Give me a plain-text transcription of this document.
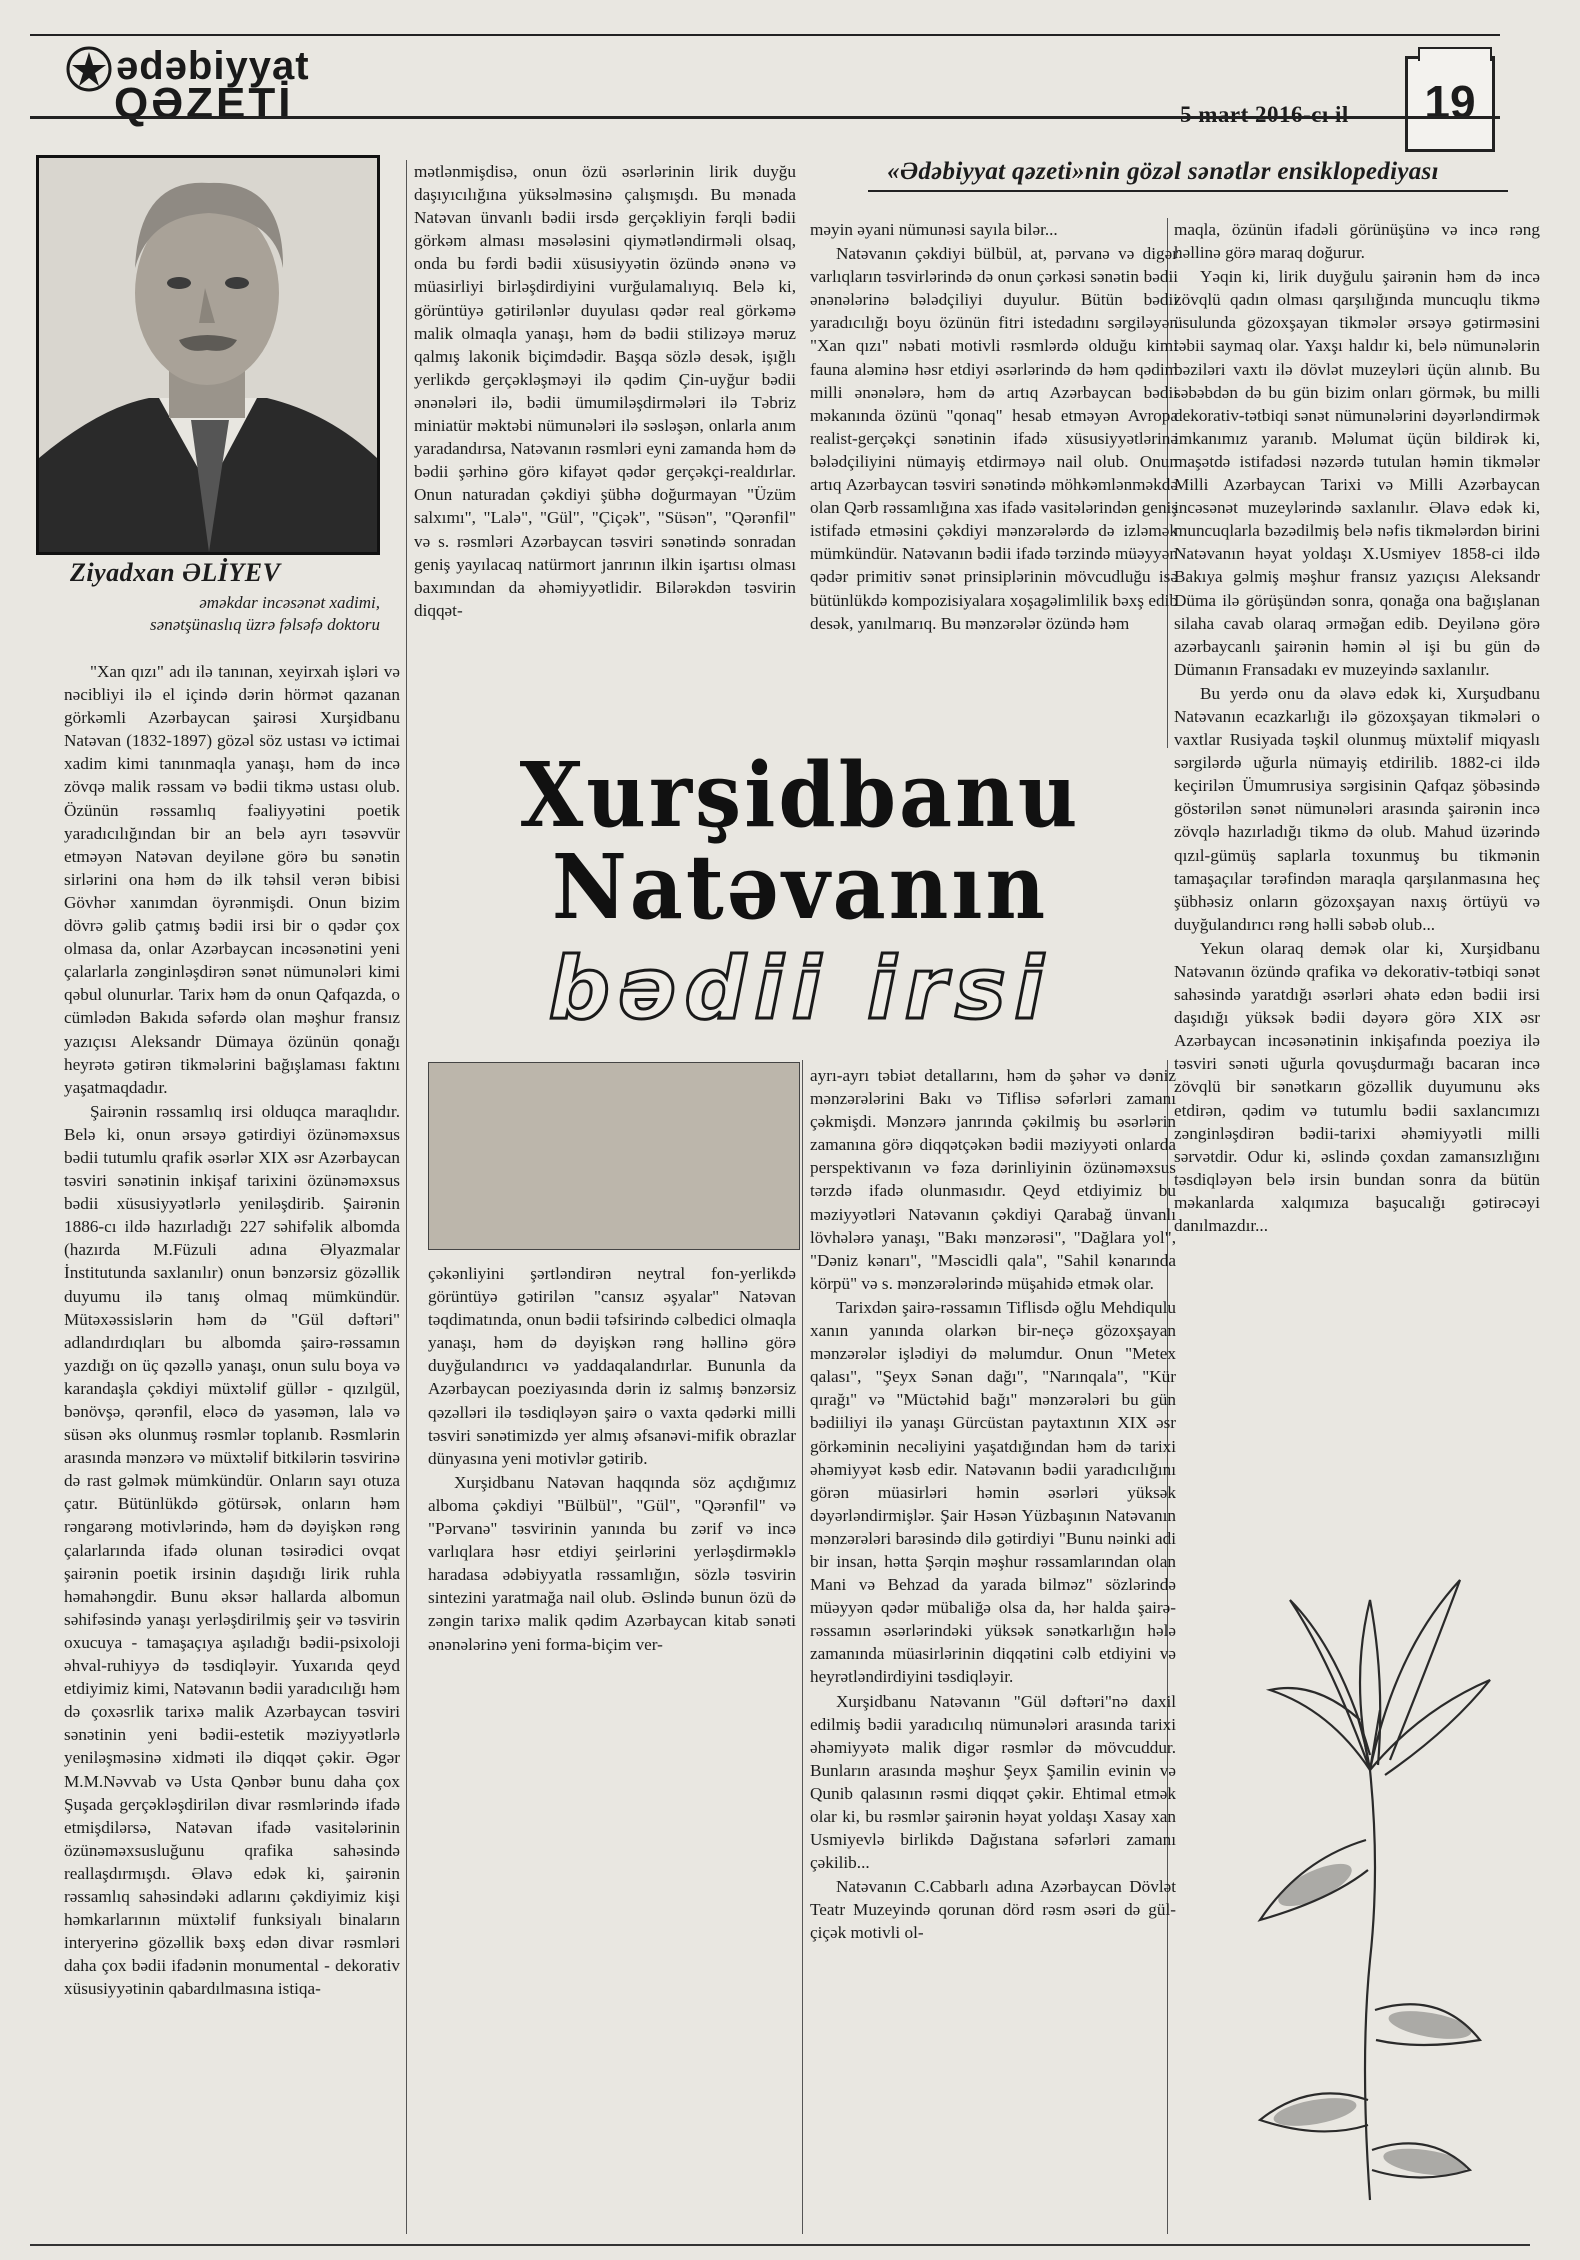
ədəbiyyat
QƏZETİ	5 mart 2016-cı il	19
Ziyadxan ƏLİYEV
əməkdar incəsənət xadimi,
sənətşünaslıq üzrə fəlsəfə doktoru
«Ədəbiyyat qəzeti»nin gözəl sənətlər ensiklopediyası

"Xan qızı" adı ilə tanınan, xeyirxah işləri və nəcibliyi ilə el içində dərin hörmət qazanan görkəmli Azərbaycan şairəsi Xurşidbanu Natəvan (1832-1897) gözəl söz ustası və ictimai xadim kimi tanınmaqla yanaşı, həm də incə zövqə malik rəssam və bədii tikmə ustası olub. Özünün rəssamlıq fəaliyyətini poetik yaradıcılığından bir an belə ayrı təsəvvür etməyən Natəvan deyiləne görə bu sənətin sirlərini ona həm də ilk təhsil verən bibisi Gövhər xanımdan öyrənmişdi. Onun bizim dövrə gəlib çatmış bədii irsi bir o qədər çox olmasa da, onlar Azərbaycan incəsənətini yeni çalarlarla zənginləşdirən sənət nümunələri kimi qəbul olunurlar. Tarix həm də onun Qafqazda, o cümlədən Bakıda səfərdə olan məşhur fransız yazıçısı Aleksandr Dümaya özünün qonağı heyrətə gətirən tikmələrini bağışlaması faktını yaşatmaqdadır.

Şairənin rəssamlıq irsi olduqca maraqlıdır. Belə ki, onun ərsəyə gətirdiyi özünəməxsus bədii tutumlu qrafik əsərlər XIX əsr Azərbaycan təsviri sənətinin inkişaf tarixini özünəməxsus bədii xüsusiyyətlərlə yeniləşdirib. Şairənin 1886-cı ildə hazırladığı 227 səhifəlik albomda (hazırda M.Füzuli adına Əlyazmalar İnstitutunda saxlanılır) onun bənzərsiz gözəllik duyumu ilə tanış olmaq mümkündür. Mütəxəssislərin həm də "Gül dəftəri" adlandırdıqları bu albomda şairə-rəssamın yazdığı on üç qəzəllə yanaşı, onun sulu boya və karandaşla çəkdiyi müxtəlif güllər - qızılgül, bənövşə, qərənfil, eləcə də yasəmən, lalə və süsən əks olunmuş rəsmlər toplanıb. Rəsmlərin arasında mənzərə və müxtəlif bitkilərin təsvirinə də rast gəlmək mümkündür. Onların sayı otuza çatır. Bütünlükdə götürsək, onların həm rəngarəng motivlərində, həm də dəyişkən rəng çalarlarında ifadə olunan təsirədici ovqat şairənin poetik irsinin daşıdığı lirik ruhla həmahəngdir. Bunu əksər hallarda albomun səhifəsində yanaşı yerləşdirilmiş şeir və təsvirin oxucuya - tamaşaçıya aşıladığı bədii-psixoloji əhval-ruhiyyə də təsdiqləyir. Yuxarıda qeyd etdiyimiz kimi, Natəvanın bədii yaradıcılığı həm də çoxəsrlik tarixə malik Azərbaycan təsviri sənətinin yeni bədii-estetik məziyyətlərlə yeniləşməsinə xidməti ilə diqqət çəkir. Əgər M.M.Nəvvab və Usta Qənbər bunu daha çox Şuşada gerçəkləşdirilən divar rəsmlərində ifadə etmişdilərsə, Natəvan ifadə vasitələrinin özünəməxsusluğunu qrafika sahəsində reallaşdırmışdı. Əlavə edək ki, şairənin rəssamlıq sahəsindəki adlarını çəkdiyimiz kişi həmkarlarının müxtəlif funksiyalı binaların interyerinə gözəllik bəxş edən divar rəsmləri daha çox bədii ifadənin monumental - dekorativ xüsusiyyətinin qabardılmasına istiqa-

mətlənmişdisə, onun özü əsərlərinin lirik duyğu daşıyıcılığına yüksəlməsinə çalışmışdı. Bu mənada Natəvan ünvanlı bədii irsdə gerçəkliyin fərqli bədii görkəm alması məsələsini qiymətləndirməli olsaq, onda bu fərdi bədii xüsusiyyətin özündə ənənə və müasirliyi birləşdirdiyini vurğulamalıyıq. Belə ki, görüntüyə gətirilənlər duyulası qədər real görkəmə malik olmaqla yanaşı, həm də bədii stilizəyə məruz qalmış lakonik biçimdədir. Başqa sözlə desək, işığlı yerlikdə gerçəkləşməyi ilə qədim Çin-uyğur bədii ənənələri ilə, bədii ümumiləşdirmələri ilə Təbriz miniatür məktəbi nümunələri ilə səsləşən, onlarla anım yaradandırsa, Natəvanın rəsmləri eyni zamanda həm də bədii şərhinə görə kifayət qədər gerçəkçi-realdırlar. Onun naturadan çəkdiyi şübhə doğurmayan "Üzüm salxımı", "Lalə", "Gül", "Çiçək", "Süsən", "Qərənfil" və s. rəsmləri Azərbaycan təsviri sənətində sonradan geniş yayılacaq natürmort janrının ilkin işartısı olması baxımından da əhəmiyyətlidir. Bilərəkdən təsvirin diqqət-

məyin əyani nümunəsi sayıla bilər...

Natəvanın çəkdiyi bülbül, at, pərvanə və digər varlıqların təsvirlərində də onun çərkəsi sənətin bədii ənənələrinə bələdçiliyi duyulur. Bütün bədii yaradıcılığı boyu özünün fitri istedadını sərgiləyən "Xan qızı" nəbati motivli rəsmlərdə olduğu kimi fauna aləminə həsr etdiyi əsərlərində də həm qədim milli ənənələrə, həm də artıq Azərbaycan bədii məkanında özünü "qonaq" hesab etməyən Avropa realist-gerçəkçi sənətinin ifadə xüsusiyyətlərinə bələdçiliyini nümayiş etdirməyə nail olub. Onun artıq Azərbaycan təsviri sənətində möhkəmlənməkdə olan Qərb rəssamlığına xas ifadə vasitələrindən geniş istifadə etməsini çəkdiyi mənzərələrdə də izləmək mümkündür. Natəvanın bədii ifadə tərzində müəyyən qədər primitiv sənət prinsiplərinin mövcudluğu isə bütünlükdə kompozisiyalara xoşagəlimlilik bəxş edib desək, yanılmarıq. Bu mənzərələr özündə həm

maqla, özünün ifadəli görünüşünə və incə rəng həllinə görə maraq doğurur.

Yəqin ki, lirik duyğulu şairənin həm də incə zövqlü qadın olması qarşılığında muncuqlu tikmə üsulunda gözoxşayan tikmələr ərsəyə gətirməsini təbii saymaq olar. Yaxşı haldır ki, belə nümunələrin bəziləri vaxtı ilə dövlət muzeyləri üçün alınıb. Bu səbəbdən də bu gün bizim onları görmək, bu milli dekorativ-tətbiqi sənət nümunələrini dəyərləndirmək imkanımız yaranıb. Məlumat üçün bildirək ki, maşətdə istifadəsi nəzərdə tutulan həmin tikmələr Milli Azərbaycan Tarixi və Milli Azərbaycan incəsənət muzeylərində saxlanılır. Əlavə edək ki, muncuqlarla bəzədilmiş belə nəfis tikmələrdən birini Natəvanın həyat yoldaşı X.Usmiyev 1858-ci ildə Bakıya gəlmiş məşhur fransız yazıçısı Aleksandr Düma ilə görüşündən sonra, qonağa ona bağışlanan silaha cavab olaraq ərməğan edib. Deyilənə görə azərbaycanlı şairənin həmin əl işi bu gün də Dümanın Fransadakı ev muzeyində saxlanılır.

Bu yerdə onu da əlavə edək ki, Xurşudbanu Natəvanın ecazkarlığı ilə gözoxşayan tikmələri o vaxtlar Rusiyada təşkil olunmuş müxtəlif miqyaslı sərgilərdə uğurla nümayiş etdirilib. 1882-ci ildə keçirilən Ümumrusiya sərgisinin Qafqaz şöbəsində göstərilən sənət nümunələri arasında şairənin incə zövqlə hazırladığı tikmə də olub. Mahud üzərində qızıl-gümüş saplarla toxunmuş bu tikmənin tamaşaçılar tərəfindən maraqla qarşılanmasına heç şübhəsiz onların gözoxşayan naxış örtüyü və duyğulandırıcı rəng həlli səbəb olub...

Yekun olaraq demək olar ki, Xurşidbanu Natəvanın özündə qrafika və dekorativ-tətbiqi sənət sahəsində yaratdığı əsərləri əhatə edən bədii irsi daşıdığı yüksək bədii dəyərə görə XIX əsr Azərbaycan incəsənətinin inkişafında poeziya ilə təsviri sənəti uğurla qovuşdurmağı bacaran incə zövqlü bir sənətkarın gözəllik duyumunu əks etdirən, qədim və tutumlu bədii saxlancımızı zənginləşdirən bədii-tarixi əhəmiyyətli milli sərvətdir. Odur ki, əslində çoxdan zamansızlığını təsdiqləyən belə irsin bundan sonra da bütün məkanlarda xalqımıza başucalığı gətirəcəyi danılmazdır...

Xurşidbanu
Natəvanın
bədii irsi

çəkənliyini şərtləndirən neytral fon-yerlikdə görüntüyə gətirilən "cansız əşyalar" Natəvan təqdimatında, onun bədii təfsirində cəlbedici olmaqla yanaşı, həm də dəyişkən rəng həllinə görə duyğulandırıcı və yaddaqalandırlar. Bununla da Azərbaycan poeziyasında dərin iz salmış bənzərsiz qəzəlləri ilə təsdiqləyən şairə o vaxta qədərki milli təsviri sənətimizdə yer almış əfsanəvi-mifik obrazlar dünyasına yeni motivlər gətirib.

Xurşidbanu Natəvan haqqında söz açdığımız alboma çəkdiyi "Bülbül", "Gül", "Qərənfil" və "Pərvanə" təsvirinin yanında bu zərif və incə varlıqlara həsr etdiyi şeirlərini yerləşdirməklə haradasa ədəbiyyatla rəssamlığın, sözlə təsvirin sintezini yaratmağa nail olub. Əslində bunun özü də zəngin tarixə malik qədim Azərbaycan kitab sənəti ənənələrinə yeni forma-biçim ver-

ayrı-ayrı təbiət detallarını, həm də şəhər və dəniz mənzərələrini Bakı və Tiflisə səfərləri zamanı çəkmişdi. Mənzərə janrında çəkilmiş bu əsərlərin zamanına görə diqqətçəkən bədii məziyyəti onlarda perspektivanın və fəza dərinliyinin özünəməxsus tərzdə ifadə olunmasıdır. Qeyd etdiyimiz bu məziyyətləri Natəvanın çəkdiyi Qarabağ ünvanlı lövhələrə yanaşı, "Bakı mənzərəsi", "Dağlara yol", "Dəniz kənarı", "Məscidli qala", "Sahil kənarında körpü" və s. mənzərələrində müşahidə etmək olar.

Tarixdən şairə-rəssamın Tiflisdə oğlu Mehdiqulu xanın yanında olarkən bir-neçə gözoxşayan mənzərələr işlədiyi də məlumdur. Onun "Metex qalası", "Şeyx Sənan dağı", "Narınqala", "Kür qırağı" və "Müctəhid bağı" mənzərələri bu gün bədiiliyi ilə yanaşı Gürcüstan paytaxtının XIX əsr görkəminin necəliyini yaşatdığından həm də tarixi əhəmiyyət kəsb edir. Natəvanın bədii yaradıcılığını görən müasirləri həmin əsərləri yüksək dəyərləndirmişlər. Şair Həsən Yüzbaşının Natəvanın mənzərələri barəsində dilə gətirdiyi "Bunu nəinki adi bir insan, hətta Şərqin məşhur rəssamlarından olan Mani və Behzad da yarada bilməz" sözlərində müəyyən qədər mübaliğə olsa da, hər halda şairə-rəssamın əsərlərindəki yüksək sənətkarlığın hələ zamanında müasirlərinin diqqətini cəlb etdiyini və heyrətləndirdiyini təsdiqləyir.

Xurşidbanu Natəvanın "Gül dəftəri"nə daxil edilmiş bədii yaradıcılıq nümunələri arasında tarixi əhəmiyyətə malik digər rəsmlər də mövcuddur. Bunların arasında məşhur Şeyx Şamilin evinin və Qunib qalasının rəsmi diqqət çəkir. Ehtimal etmək olar ki, bu rəsmlər şairənin həyat yoldaşı Xasay xan Usmiyevlə birlikdə Dağıstana səfərləri zamanı çəkilib...

Natəvanın C.Cabbarlı adına Azərbaycan Dövlət Teatr Muzeyində qorunan dörd rəsm əsəri də gül-çiçək motivli ol-
